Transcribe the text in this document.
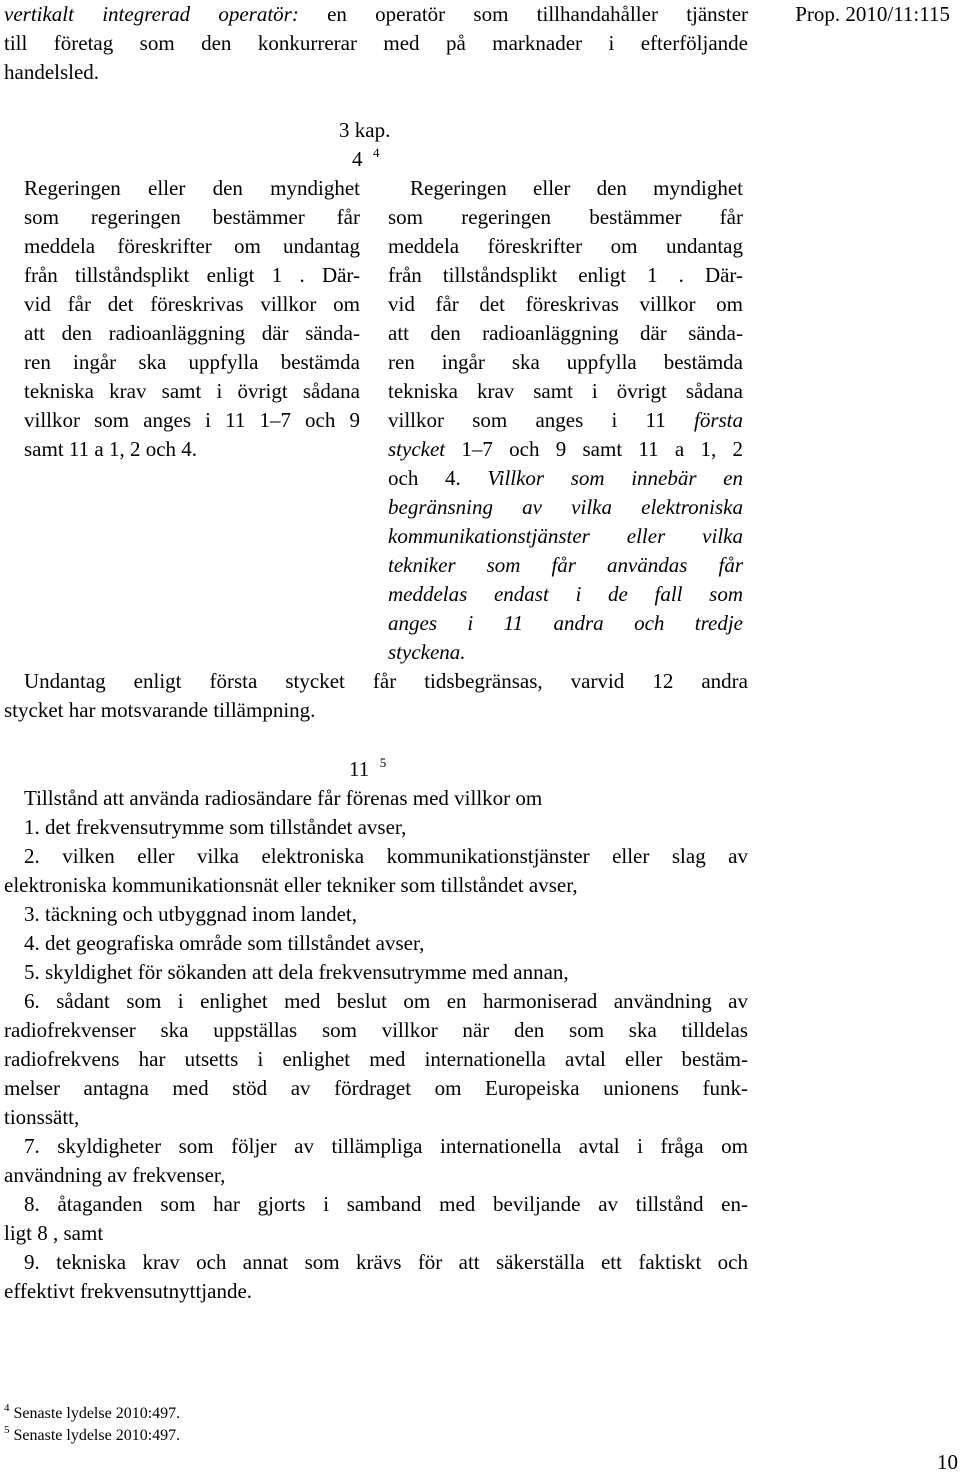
vertikalt integrerad operatör: en operatör som tillhandahåller tjänster
till företag som den konkurrerar med på marknader i efterföljande
handelsled.
Prop. 2010/11:115
3 kap.
4 $^4$
Regeringen eller den myndighet
som regeringen bestämmer får
meddela föreskrifter om undantag
från tillståndsplikt enligt 1 . Där-
vid får det föreskrivas villkor om
att den radioanläggning där sända-
ren ingår ska uppfylla bestämda
tekniska krav samt i övrigt sådana
villkor som anges i 11 1–7 och 9
samt 11 a 1, 2 och 4.
Regeringen eller den myndighet
som regeringen bestämmer får
meddela föreskrifter om undantag
från tillståndsplikt enligt 1 . Där-
vid får det föreskrivas villkor om
att den radioanläggning där sända-
ren ingår ska uppfylla bestämda
tekniska krav samt i övrigt sådana
villkor som anges i 11 första
stycket 1–7 och 9 samt 11 a 1, 2
och 4. Villkor som innebär en
begränsning av vilka elektroniska
kommunikationstjänster eller vilka
tekniker som får användas får
meddelas endast i de fall som
anges i 11 andra och tredje
styckena.
Undantag enligt första stycket får tidsbegränsas, varvid 12 andra
stycket har motsvarande tillämpning.
11 $^5$
Tillstånd att använda radiosändare får förenas med villkor om
1. det frekvensutrymme som tillståndet avser,
2. vilken eller vilka elektroniska kommunikationstjänster eller slag av
elektroniska kommunikationsnät eller tekniker som tillståndet avser,
3. täckning och utbyggnad inom landet,
4. det geografiska område som tillståndet avser,
5. skyldighet för sökanden att dela frekvensutrymme med annan,
6. sådant som i enlighet med beslut om en harmoniserad användning av
radiofrekvenser ska uppställas som villkor när den som ska tilldelas
radiofrekvens har utsetts i enlighet med internationella avtal eller bestäm-
melser antagna med stöd av fördraget om Europeiska unionens funk-
tionssätt,
7. skyldigheter som följer av tillämpliga internationella avtal i fråga om
användning av frekvenser,
8. åtaganden som har gjorts i samband med beviljande av tillstånd en-
ligt 8 , samt
9. tekniska krav och annat som krävs för att säkerställa ett faktiskt och
effektivt frekvensutnyttjande.
$^4$ Senaste lydelse 2010:497.
$^5$ Senaste lydelse 2010:497.
10
